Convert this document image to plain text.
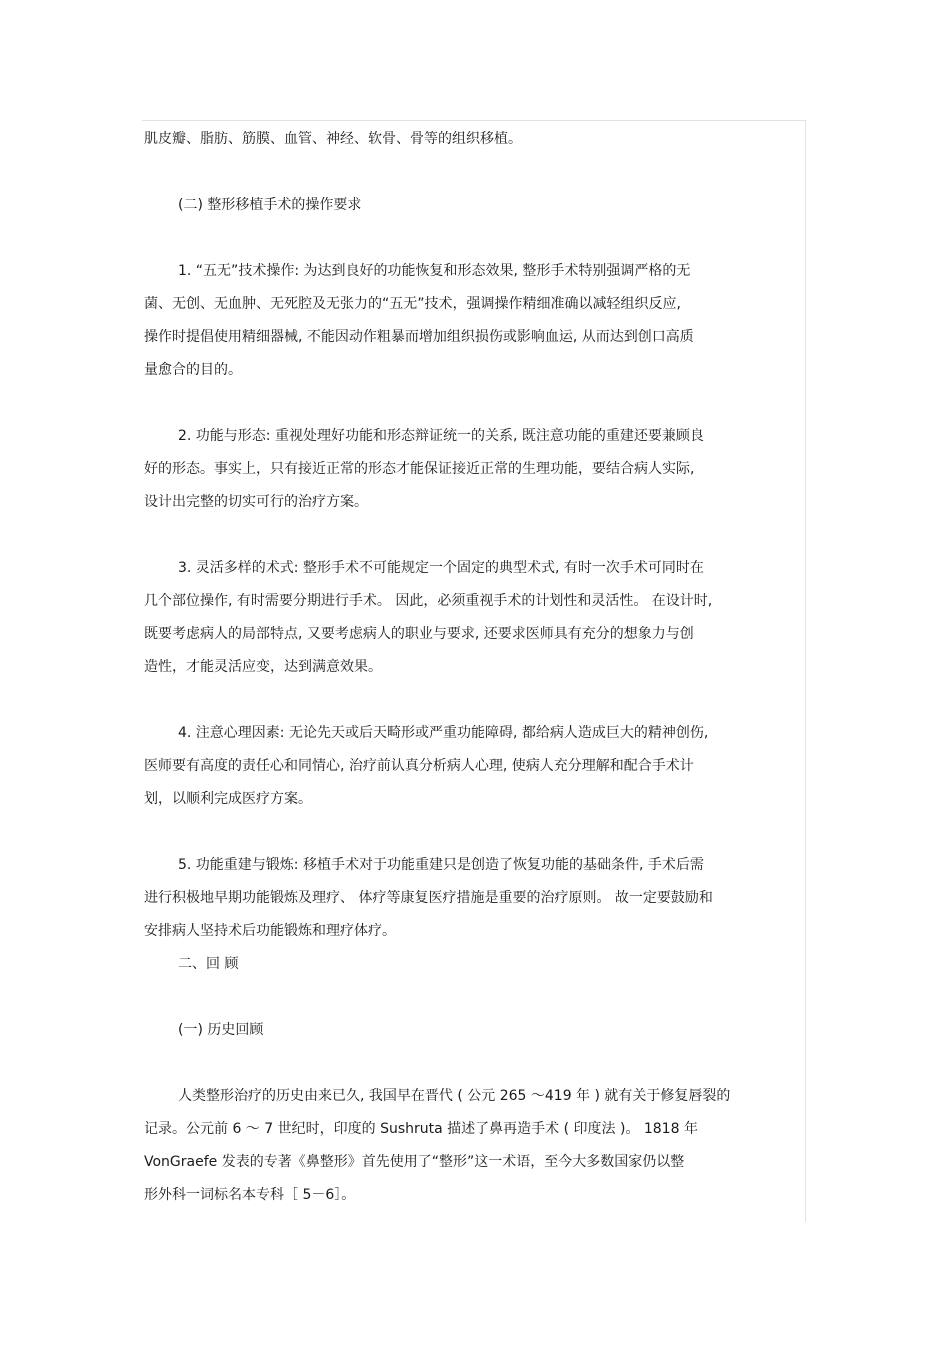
肌皮瓣、脂肪、筋膜、血管、神经、软骨、骨等的组织移植。
(二) 整形移植手术的操作要求
1. “五无”技术操作: 为达到良好的功能恢复和形态效果, 整形手术特别强调严格的无
菌、无创、无血肿、无死腔及无张力的“五无”技术，强调操作精细准确以减轻组织反应,
操作时提倡使用精细器械, 不能因动作粗暴而增加组织损伤或影响血运, 从而达到创口高质
量愈合的目的。
2. 功能与形态: 重视处理好功能和形态辩证统一的关系, 既注意功能的重建还要兼顾良
好的形态。事实上，只有接近正常的形态才能保证接近正常的生理功能，要结合病人实际,
设计出完整的切实可行的治疗方案。
3. 灵活多样的术式: 整形手术不可能规定一个固定的典型术式, 有时一次手术可同时在
几个部位操作, 有时需要分期进行手术。 因此，必须重视手术的计划性和灵活性。 在设计时,
既要考虑病人的局部特点, 又要考虑病人的职业与要求, 还要求医师具有充分的想象力与创
造性，才能灵活应变，达到满意效果。
4. 注意心理因素: 无论先天或后天畸形或严重功能障碍, 都给病人造成巨大的精神创伤,
医师要有高度的责任心和同情心, 治疗前认真分析病人心理, 使病人充分理解和配合手术计
划，以顺利完成医疗方案。
5. 功能重建与锻炼: 移植手术对于功能重建只是创造了恢复功能的基础条件, 手术后需
进行积极地早期功能锻炼及理疗、 体疗等康复医疗措施是重要的治疗原则。 故一定要鼓励和
安排病人坚持术后功能锻炼和理疗体疗。
二、回 顾
(一) 历史回顾
人类整形治疗的历史由来已久, 我国早在晋代 ( 公元 265 ～419 年 ) 就有关于修复唇裂的
记录。公元前 6 ～ 7 世纪时，印度的 Sushruta 描述了鼻再造手术 ( 印度法 )。 1818 年
VonGraefe 发表的专著《鼻整形》首先使用了“整形”这一术语，至今大多数国家仍以整
形外科一词标名本专科［ 5－6］。
